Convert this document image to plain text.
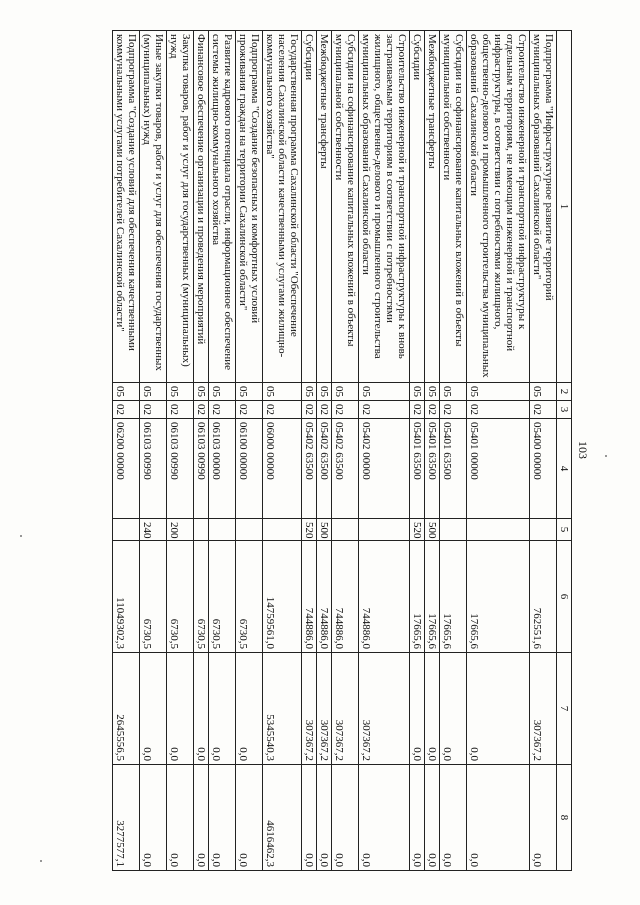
103
1	2	3	4	5	6	7	8
Подпрограмма "Инфраструктурное развитие территорий муниципальных образований Сахалинской области"	05	02	05400 00000		762551,6	307367,2	0,0
Строительство инженерной и транспортной инфраструктуры к отдельным территориям, не имеющим инженерной и транспортной инфраструктуры, в соответствии с потребностями жилищного, общественно-делового и промышленного строительства муниципальных образований Сахалинской области	05	02	05401 00000		17665,6	0,0	0,0
Субсидии на софинансирование капитальных вложений в объекты муниципальной собственности	05	02	05401 63500		17665,6	0,0	0,0
Межбюджетные трансферты	05	02	05401 63500	500	17665,6	0,0	0,0
Субсидии	05	02	05401 63500	520	17665,6	0,0	0,0
Строительство инженерной и транспортной инфраструктуры к вновь застраиваемым территориям в соответствии с потребностями жилищного, общественно-делового и промышленного строительства муниципальных образований Сахалинской области	05	02	05402 00000		744886,0	307367,2	0,0
Субсидии на софинансирование капитальных вложений в объекты муниципальной собственности	05	02	05402 63500		744886,0	307367,2	0,0
Межбюджетные трансферты	05	02	05402 63500	500	744886,0	307367,2	0,0
Субсидии	05	02	05402 63500	520	744886,0	307367,2	0,0
Государственная программа Сахалинской области "Обеспечение населения Сахалинской области качественными услугами жилищно-коммунального хозяйства"	05	02	06000 00000		14759561,0	5345540,3	4616462,3
Подпрограмма "Создание безопасных и комфортных условий проживания граждан на территории Сахалинской области"	05	02	06100 00000		6730,5	0,0	0,0
Развитие кадрового потенциала отрасли, информационное обеспечение системы жилищно-коммунального хозяйства	05	02	06103 00000		6730,5	0,0	0,0
Финансовое обеспечение организации и проведения мероприятий	05	02	06103 00990		6730,5	0,0	0,0
Закупка товаров, работ и услуг для государственных (муниципальных) нужд	05	02	06103 00990	200	6730,5	0,0	0,0
Иные закупки товаров, работ и услуг для обеспечения государственных (муниципальных) нужд	05	02	06103 00990	240	6730,5	0,0	0,0
Подпрограмма "Создание условий для обеспечения качественными коммунальными услугами потребителей Сахалинской области"	05	02	06200 00000		11049302,3	2645556,5	3277577,1
